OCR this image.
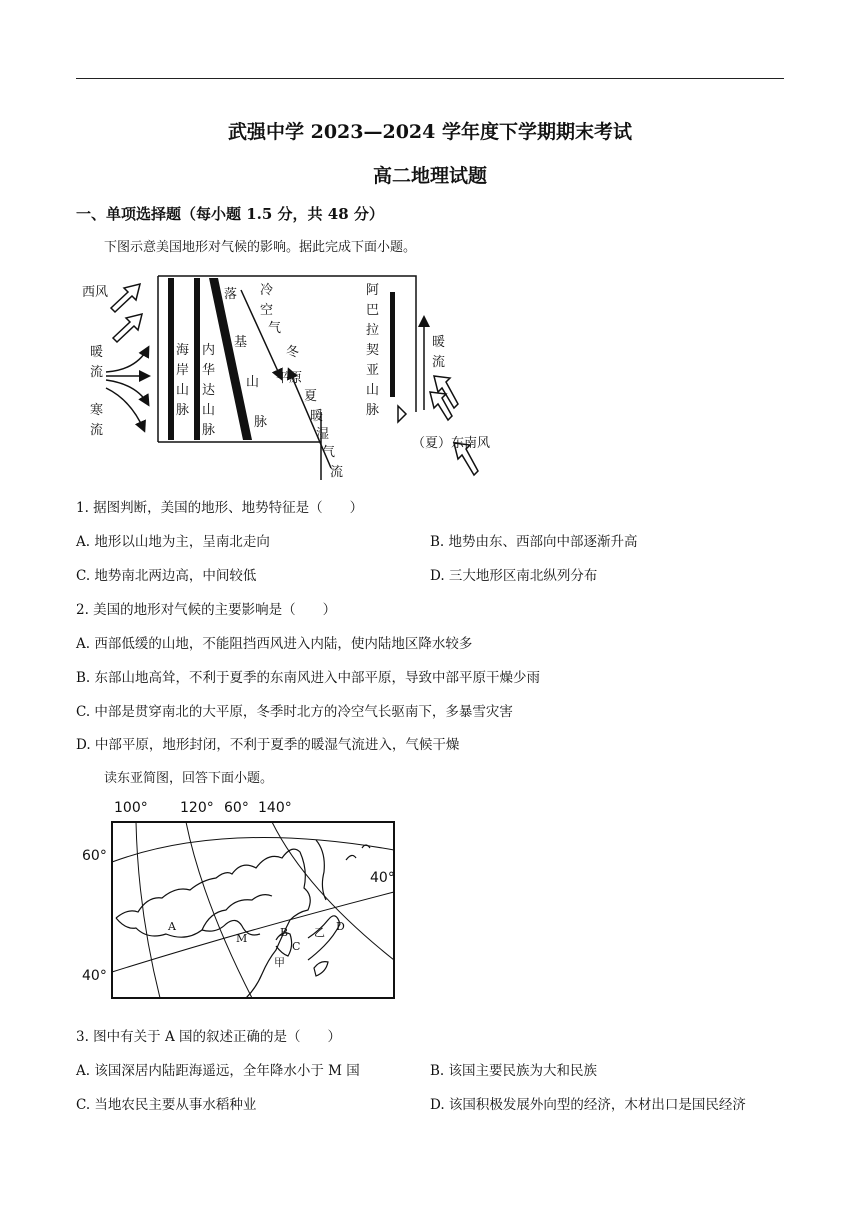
武强中学 2023—2024 学年度下学期期末考试
高二地理试题
一、单项选择题（每小题 1.5 分，共 48 分）
下图示意美国地形对气候的影响。据此完成下面小题。
西风
暖
流
寒
流
海
岸
山
脉
内
华
达
山
脉
落
基
山
脉
冷
空
气
冬
平原
夏
暖
湿
气
流
阿
巴
拉
契
亚
山
脉
暖
流
（夏）东南风
1. 据图判断，美国的地形、地势特征是（　　）
A. 地形以山地为主，呈南北走向	B. 地势由东、西部向中部逐渐升高
C. 地势南北两边高，中间较低	D. 三大地形区南北纵列分布
2. 美国的地形对气候的主要影响是（　　）
A. 西部低缓的山地，不能阻挡西风进入内陆，使内陆地区降水较多
B. 东部山地高耸，不利于夏季的东南风进入中部平原，导致中部平原干燥少雨
C. 中部是贯穿南北的大平原，冬季时北方的冷空气长驱南下，多暴雪灾害
D. 中部平原，地形封闭，不利于夏季的暖湿气流进入，气候干燥
读东亚简图，回答下面小题。
100° 120° 60° 140°
60°
40°
40°
A
M	B
C
D
乙
甲
3. 图中有关于 A 国的叙述正确的是（　　）
A. 该国深居内陆距海遥远，全年降水小于 M 国	B. 该国主要民族为大和民族
C. 当地农民主要从事水稻种业	D. 该国积极发展外向型的经济，木材出口是国民经济
